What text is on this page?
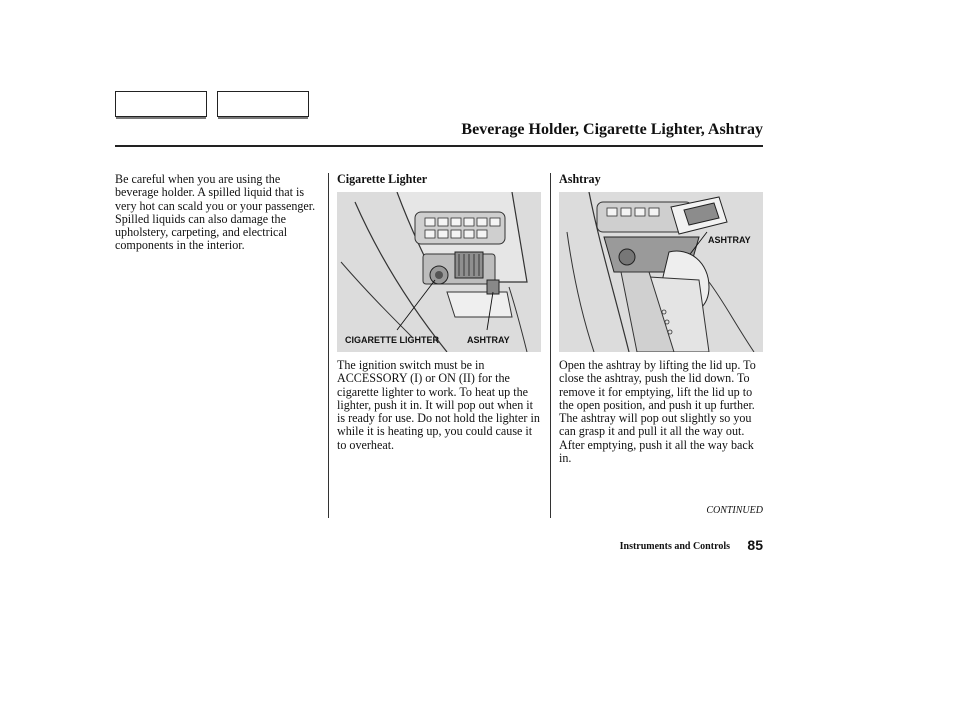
Beverage Holder, Cigarette Lighter, Ashtray
Be careful when you are using the beverage holder. A spilled liquid that is very hot can scald you or your passenger. Spilled liquids can also damage the upholstery, carpeting, and electrical components in the interior.
Cigarette Lighter
CIGARETTE LIGHTER	ASHTRAY
The ignition switch must be in ACCESSORY (I) or ON (II) for the cigarette lighter to work. To heat up the lighter, push it in. It will pop out when it is ready for use. Do not hold the lighter in while it is heating up, you could cause it to overheat.
Ashtray
ASHTRAY
Open the ashtray by lifting the lid up. To close the ashtray, push the lid down. To remove it for emptying, lift the lid up to the open position, and push it up further. The ashtray will pop out slightly so you can grasp it and pull it all the way out. After emptying, push it all the way back in.
CONTINUED
Instruments and Controls 85
